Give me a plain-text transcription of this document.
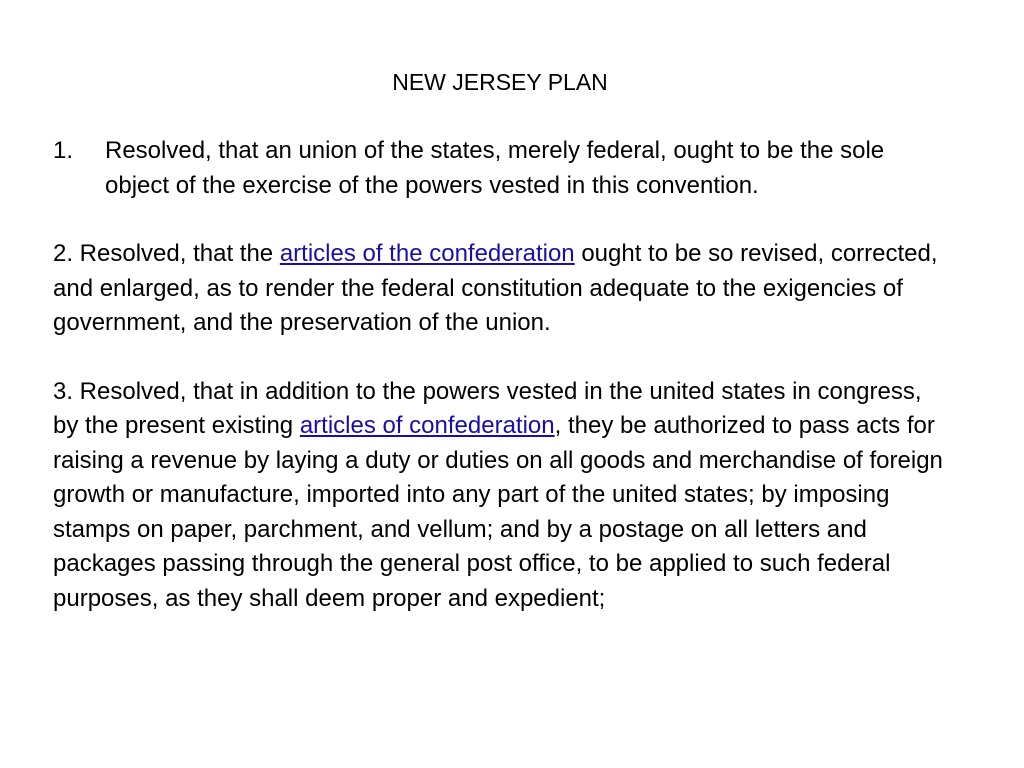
NEW JERSEY PLAN
1.	Resolved, that an union of the states, merely federal, ought to be the sole object of the exercise of the powers vested in this convention.

2. Resolved, that the articles of the confederation ought to be so revised, corrected, and enlarged, as to render the federal constitution adequate to the exigencies of government, and the preservation of the union.

3. Resolved, that in addition to the powers vested in the united states in congress, by the present existing articles of confederation, they be authorized to pass acts for raising a revenue by laying a duty or duties on all goods and merchandise of foreign growth or manufacture, imported into any part of the united states; by imposing stamps on paper, parchment, and vellum; and by a postage on all letters and packages passing through the general post office, to be applied to such federal purposes, as they shall deem proper and expedient;
